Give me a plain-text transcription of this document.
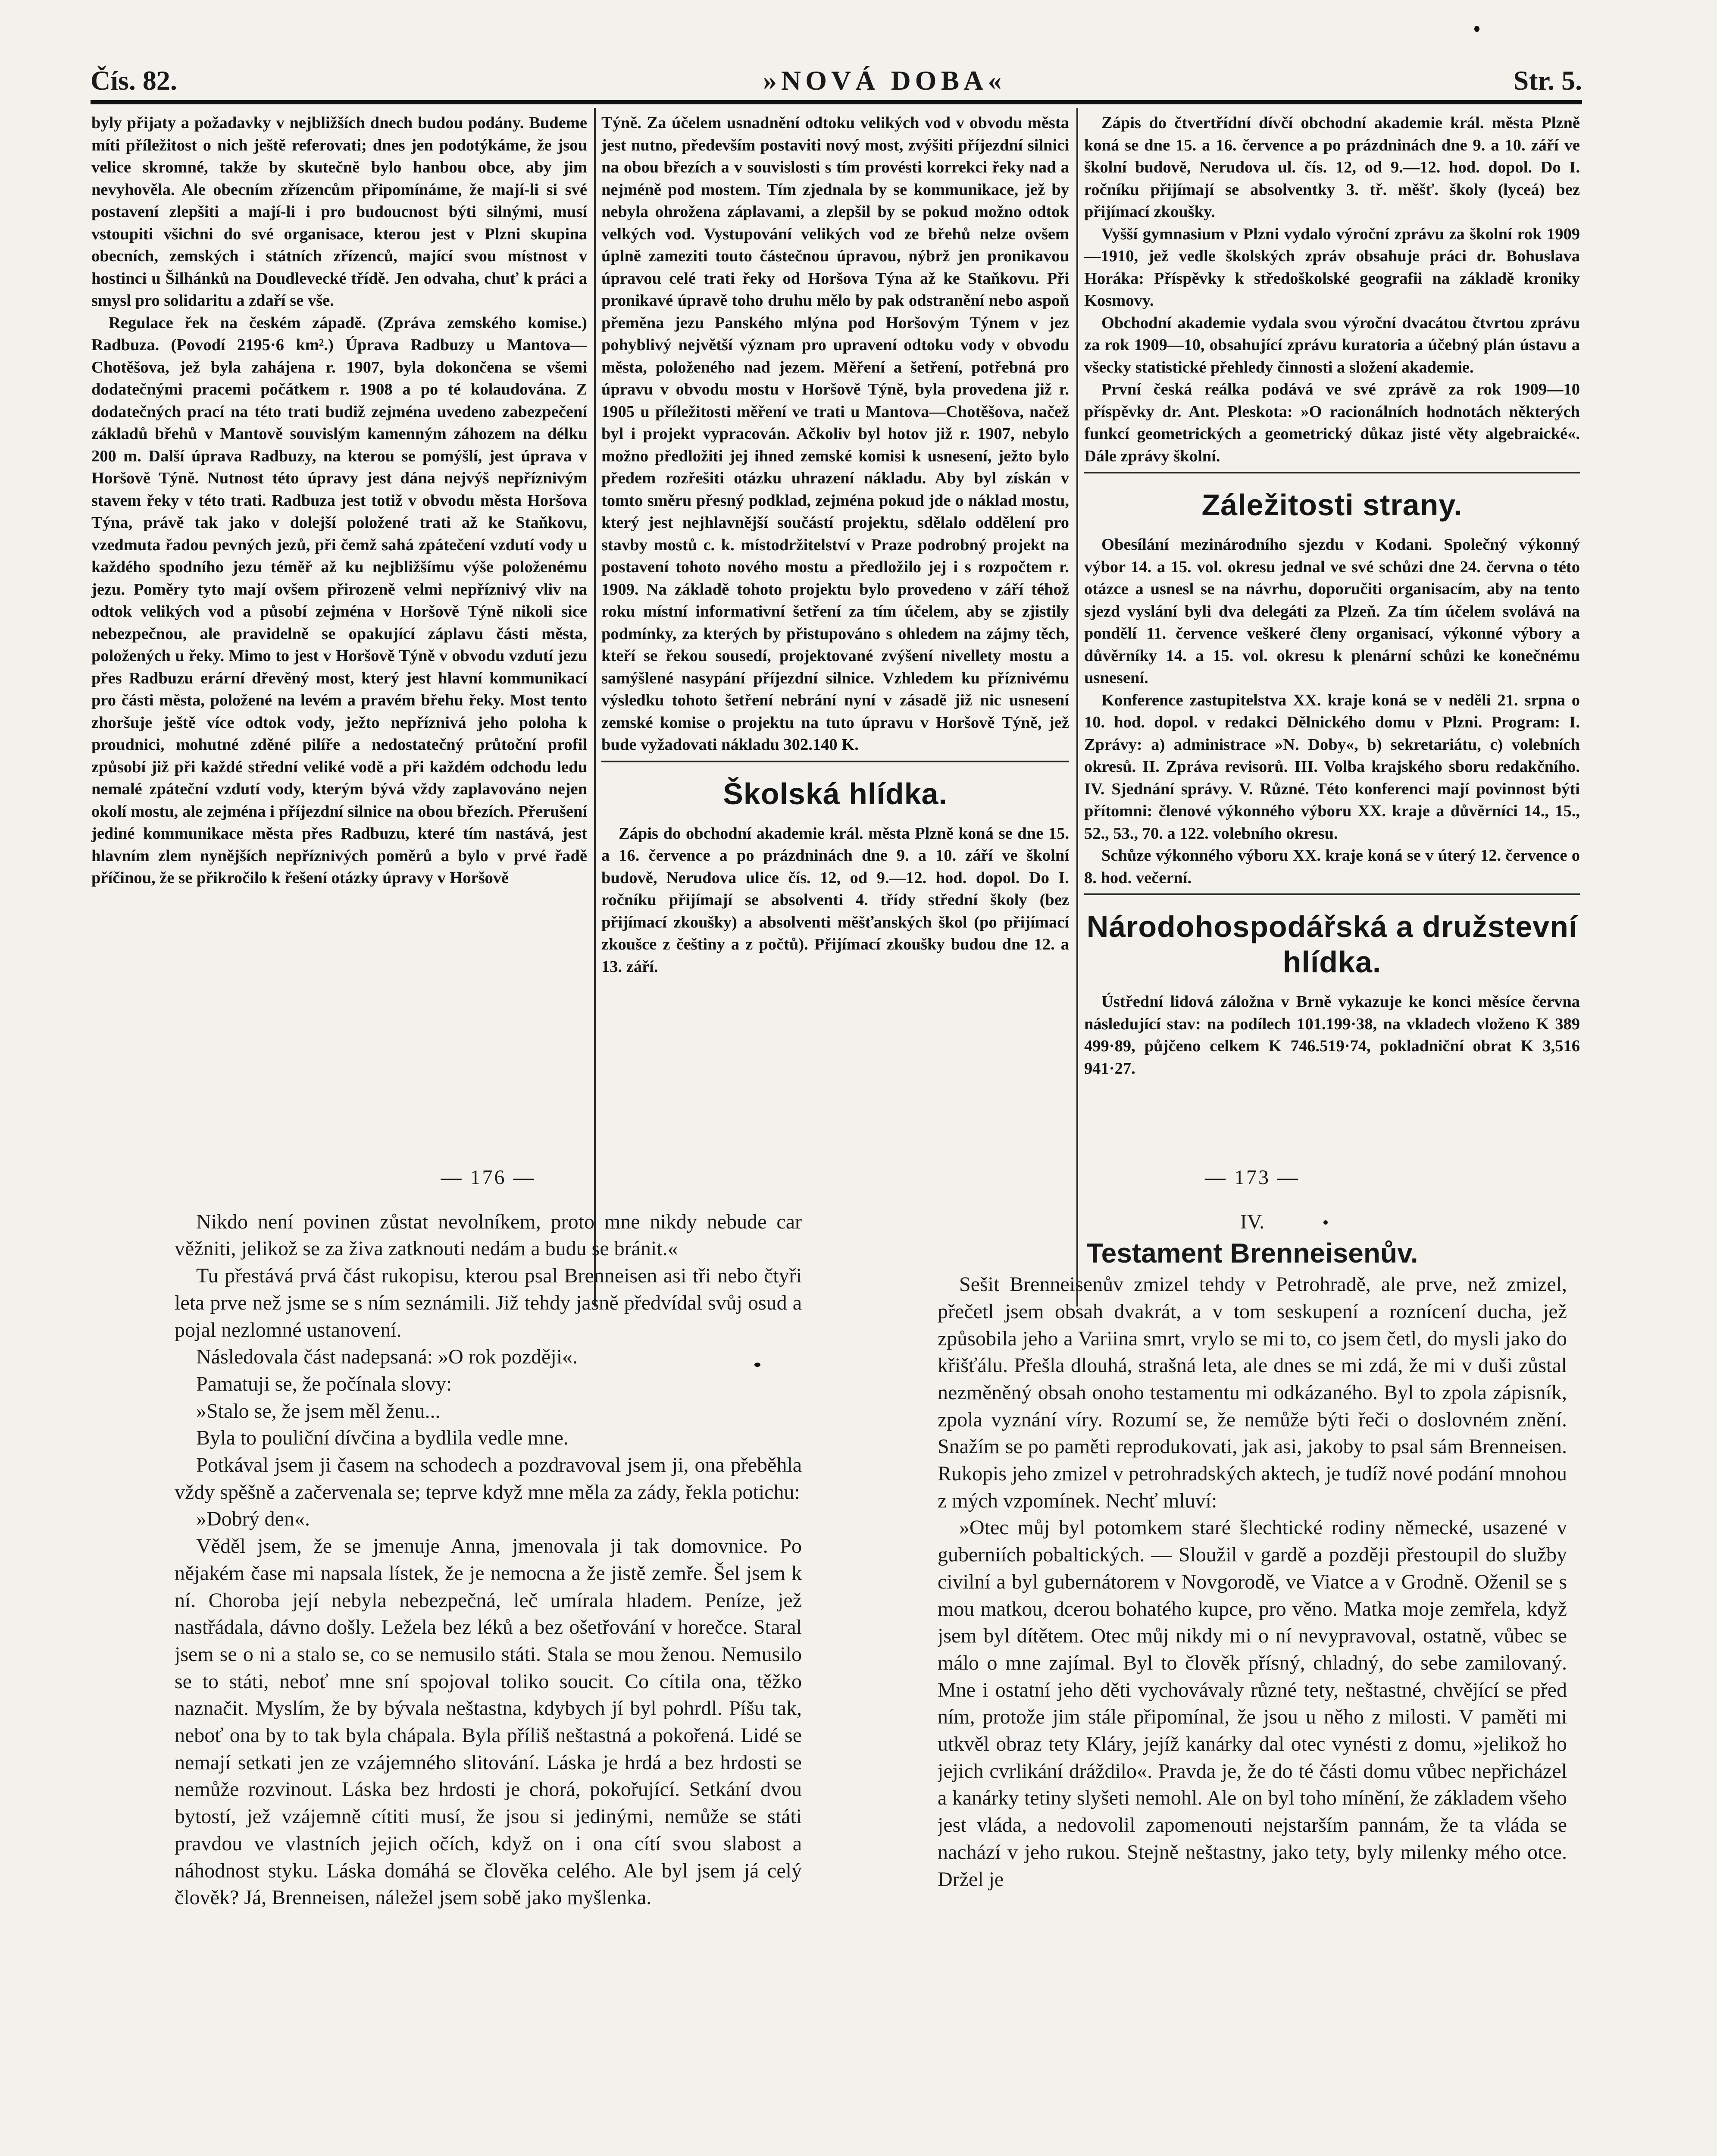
Čís. 82.	»NOVÁ DOBA«	Str. 5.

byly přijaty a požadavky v nejbližších dnech budou podány. Budeme míti příležitost o nich ještě referovati; dnes jen podotýkáme, že jsou velice skromné, takže by skutečně bylo hanbou obce, aby jim nevyhověla. Ale obecním zřízencům připomínáme, že mají-li si své postavení zlepšiti a mají-li i pro budoucnost býti silnými, musí vstoupiti všichni do své organisace, kterou jest v Plzni skupina obecních, zemských i státních zřízenců, mající svou místnost v hostinci u Šilhánků na Doudlevecké třídě. Jen odvaha, chuť k práci a smysl pro solidaritu a zdaří se vše.

Regulace řek na českém západě. (Zpráva zemského komise.) Radbuza. (Povodí 2195·6 km².) Úprava Radbuzy u Mantova—Chotěšova, jež byla zahájena r. 1907, byla dokončena se všemi dodatečnými pracemi počátkem r. 1908 a po té kolaudována. Z dodatečných prací na této trati budiž zejména uvedeno zabezpečení základů břehů v Mantově souvislým kamenným záhozem na délku 200 m. Další úprava Radbuzy, na kterou se pomýšlí, jest úprava v Horšově Týně. Nutnost této úpravy jest dána nejvýš nepříznivým stavem řeky v této trati. Radbuza jest totiž v obvodu města Horšova Týna, právě tak jako v dolejší položené trati až ke Staňkovu, vzedmuta řadou pevných jezů, při čemž sahá zpátečení vzdutí vody u každého spodního jezu téměř až ku nejbližšímu výše položenému jezu. Poměry tyto mají ovšem přirozeně velmi nepříznivý vliv na odtok velikých vod a působí zejména v Horšově Týně nikoli sice nebezpečnou, ale pravidelně se opakující záplavu části města, položených u řeky. Mimo to jest v Horšově Týně v obvodu vzdutí jezu přes Radbuzu erární dřevěný most, který jest hlavní kommunikací pro části města, položené na levém a pravém břehu řeky. Most tento zhoršuje ještě více odtok vody, ježto nepříznivá jeho poloha k proudnici, mohutné zděné pilíře a nedostatečný průtoční profil způsobí již při každé střední veliké vodě a při každém odchodu ledu nemalé zpáteční vzdutí vody, kterým bývá vždy zaplavováno nejen okolí mostu, ale zejména i příjezdní silnice na obou březích. Přerušení jediné kommunikace města přes Radbuzu, které tím nastává, jest hlavním zlem nynějších nepříznivých poměrů a bylo v prvé řadě příčinou, že se přikročilo k řešení otázky úpravy v Horšově

Týně. Za účelem usnadnění odtoku velikých vod v obvodu města jest nutno, především postaviti nový most, zvýšiti příjezdní silnici na obou březích a v souvislosti s tím provésti korrekci řeky nad a nejméně pod mostem. Tím zjednala by se kommunikace, jež by nebyla ohrožena záplavami, a zlepšil by se pokud možno odtok velkých vod. Vystupování velikých vod ze břehů nelze ovšem úplně zameziti touto částečnou úpravou, nýbrž jen pronikavou úpravou celé trati řeky od Horšova Týna až ke Staňkovu. Při pronikavé úpravě toho druhu mělo by pak odstranění nebo aspoň přeměna jezu Panského mlýna pod Horšovým Týnem v jez pohyblivý největší význam pro upravení odtoku vody v obvodu města, položeného nad jezem. Měření a šetření, potřebná pro úpravu v obvodu mostu v Horšově Týně, byla provedena již r. 1905 u příležitosti měření ve trati u Mantova—Chotěšova, načež byl i projekt vypracován. Ačkoliv byl hotov již r. 1907, nebylo možno předložiti jej ihned zemské komisi k usnesení, ježto bylo předem rozřešiti otázku uhrazení nákladu. Aby byl získán v tomto směru přesný podklad, zejména pokud jde o náklad mostu, který jest nejhlavnější součástí projektu, sdělalo oddělení pro stavby mostů c. k. místodržitelství v Praze podrobný projekt na postavení tohoto nového mostu a předložilo jej i s rozpočtem r. 1909. Na základě tohoto projektu bylo provedeno v září téhož roku místní informativní šetření za tím účelem, aby se zjistily podmínky, za kterých by přistupováno s ohledem na zájmy těch, kteří se řekou sousedí, projektované zvýšení nivellety mostu a samýšlené nasypání příjezdní silnice. Vzhledem ku příznivému výsledku tohoto šetření nebrání nyní v zásadě již nic usnesení zemské komise o projektu na tuto úpravu v Horšově Týně, jež bude vyžadovati nákladu 302.140 K.

Školská hlídka.

Zápis do obchodní akademie král. města Plzně koná se dne 15. a 16. července a po prázdninách dne 9. a 10. září ve školní budově, Nerudova ulice čís. 12, od 9.—12. hod. dopol. Do I. ročníku přijímají se absolventi 4. třídy střední školy (bez přijímací zkoušky) a absolventi měšťanských škol (po přijímací zkoušce z češtiny a z počtů). Přijímací zkoušky budou dne 12. a 13. září.

Zápis do čtvertřídní dívčí obchodní akademie král. města Plzně koná se dne 15. a 16. července a po prázdninách dne 9. a 10. září ve školní budově, Nerudova ul. čís. 12, od 9.—12. hod. dopol. Do I. ročníku přijímají se absolventky 3. tř. měšť. školy (lyceá) bez přijímací zkoušky.

Vyšší gymnasium v Plzni vydalo výroční zprávu za školní rok 1909—1910, jež vedle školských zpráv obsahuje práci dr. Bohuslava Horáka: Příspěvky k středoškolské geografii na základě kroniky Kosmovy.

Obchodní akademie vydala svou výroční dvacátou čtvrtou zprávu za rok 1909—10, obsahující zprávu kuratoria a účebný plán ústavu a všecky statistické přehledy činnosti a složení akademie.

První česká reálka podává ve své zprávě za rok 1909—10 příspěvky dr. Ant. Pleskota: »O racionálních hodnotách některých funkcí geometrických a geometrický důkaz jisté věty algebraické«. Dále zprávy školní.

Záležitosti strany.

Obesílání mezinárodního sjezdu v Kodani. Společný výkonný výbor 14. a 15. vol. okresu jednal ve své schůzi dne 24. června o této otázce a usnesl se na návrhu, doporučiti organisacím, aby na tento sjezd vyslání byli dva delegáti za Plzeň. Za tím účelem svolává na pondělí 11. července veškeré členy organisací, výkonné výbory a důvěrníky 14. a 15. vol. okresu k plenární schůzi ke konečnému usnesení.

Konference zastupitelstva XX. kraje koná se v neděli 21. srpna o 10. hod. dopol. v redakci Dělnického domu v Plzni. Program: I. Zprávy: a) administrace »N. Doby«, b) sekretariátu, c) volebních okresů. II. Zpráva revisorů. III. Volba krajského sboru redakčního. IV. Sjednání správy. V. Různé. Této konferenci mají povinnost býti přítomni: členové výkonného výboru XX. kraje a důvěrníci 14., 15., 52., 53., 70. a 122. volebního okresu.

Schůze výkonného výboru XX. kraje koná se v úterý 12. července o 8. hod. večerní.

Národohospodářská a družstevní hlídka.

Ústřední lidová záložna v Brně vykazuje ke konci měsíce června následující stav: na podílech 101.199·38, na vkladech vloženo K 389 499·89, půjčeno celkem K 746.519·74, pokladniční obrat K 3,516 941·27.

— 176 —

Nikdo není povinen zůstat nevolníkem, proto mne nikdy nebude car věžniti, jelikož se za živa zatknouti nedám a budu se bránit.«

Tu přestává prvá část rukopisu, kterou psal Brenneisen asi tři nebo čtyři leta prve než jsme se s ním seznámili. Již tehdy jasně předvídal svůj osud a pojal nezlomné ustanovení.

Následovala část nadepsaná: »O rok později«.

Pamatuji se, že počínala slovy:

»Stalo se, že jsem měl ženu...

Byla to pouliční dívčina a bydlila vedle mne.

Potkával jsem ji časem na schodech a pozdravoval jsem ji, ona přeběhla vždy spěšně a začervenala se; teprve když mne měla za zády, řekla potichu:

»Dobrý den«.

Věděl jsem, že se jmenuje Anna, jmenovala ji tak domovnice. Po nějakém čase mi napsala lístek, že je nemocna a že jistě zemře. Šel jsem k ní. Choroba její nebyla nebezpečná, leč umírala hladem. Peníze, jež nastřádala, dávno došly. Ležela bez léků a bez ošetřování v horečce. Staral jsem se o ni a stalo se, co se nemusilo státi. Stala se mou ženou. Nemusilo se to státi, neboť mne sní spojoval toliko soucit. Co cítila ona, těžko naznačit. Myslím, že by bývala neštastna, kdybych jí byl pohrdl. Píšu tak, neboť ona by to tak byla chápala. Byla příliš neštastná a pokořená. Lidé se nemají setkati jen ze vzájemného slitování. Láska je hrdá a bez hrdosti se nemůže rozvinout. Láska bez hrdosti je chorá, pokořující. Setkání dvou bytostí, jež vzájemně cítiti musí, že jsou si jedinými, nemůže se státi pravdou ve vlastních jejich očích, když on i ona cítí svou slabost a náhodnost styku. Láska domáhá se člověka celého. Ale byl jsem já celý člověk? Já, Brenneisen, náležel jsem sobě jako myšlenka.

— 173 —
IV.
Testament Brenneisenův.

Sešit Brenneisenův zmizel tehdy v Petrohradě, ale prve, než zmizel, přečetl jsem obsah dvakrát, a v tom seskupení a roznícení ducha, jež způsobila jeho a Variina smrt, vrylo se mi to, co jsem četl, do mysli jako do křišťálu. Přešla dlouhá, strašná leta, ale dnes se mi zdá, že mi v duši zůstal nezměněný obsah onoho testamentu mi odkázaného. Byl to zpola zápisník, zpola vyznání víry. Rozumí se, že nemůže býti řeči o doslovném znění. Snažím se po paměti reprodukovati, jak asi, jakoby to psal sám Brenneisen. Rukopis jeho zmizel v petrohradských aktech, je tudíž nové podání mnohou z mých vzpomínek. Nechť mluví:

»Otec můj byl potomkem staré šlechtické rodiny německé, usazené v guberniích pobaltických. — Sloužil v gardě a později přestoupil do služby civilní a byl gubernátorem v Novgorodě, ve Viatce a v Grodně. Oženil se s mou matkou, dcerou bohatého kupce, pro věno. Matka moje zemřela, když jsem byl dítětem. Otec můj nikdy mi o ní nevypravoval, ostatně, vůbec se málo o mne zajímal. Byl to člověk přísný, chladný, do sebe zamilovaný. Mne i ostatní jeho děti vychovávaly různé tety, neštastné, chvějící se před ním, protože jim stále připomínal, že jsou u něho z milosti. V paměti mi utkvěl obraz tety Kláry, jejíž kanárky dal otec vynésti z domu, »jelikož ho jejich cvrlikání dráždilo«. Pravda je, že do té části domu vůbec nepřicházel a kanárky tetiny slyšeti nemohl. Ale on byl toho mínění, že základem všeho jest vláda, a nedovolil zapomenouti nejstarším pannám, že ta vláda se nachází v jeho rukou. Stejně neštastny, jako tety, byly milenky mého otce. Držel je
